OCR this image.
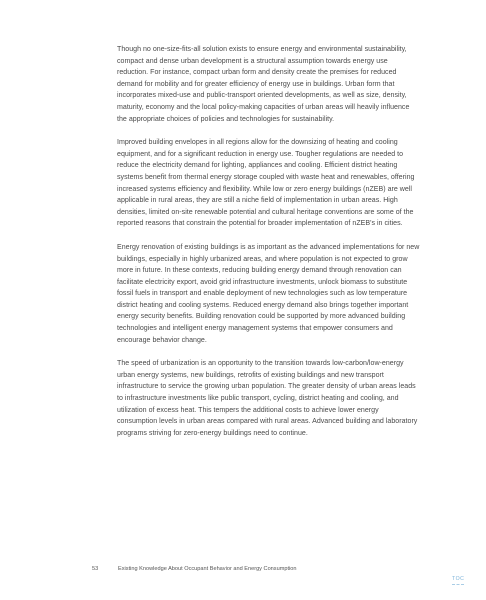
Though no one-size-fits-all solution exists to ensure energy and environmental sustainability, compact and dense urban development is a structural assumption towards energy use reduction. For instance, compact urban form and density create the premises for reduced demand for mobility and for greater efficiency of energy use in buildings. Urban form that incorporates mixed-use and public-transport oriented developments, as well as size, density, maturity, economy and the local policy-making capacities of urban areas will heavily influence the appropriate choices of policies and technologies for sustainability.

Improved building envelopes in all regions allow for the downsizing of heating and cooling equipment, and for a significant reduction in energy use. Tougher regulations are needed to reduce the electricity demand for lighting, appliances and cooling. Efficient district heating systems benefit from thermal energy storage coupled with waste heat and renewables, offering increased systems efficiency and flexibility. While low or zero energy buildings (nZEB) are well applicable in rural areas, they are still a niche field of implementation in urban areas. High densities, limited on-site renewable potential and cultural heritage conventions are some of the reported reasons that constrain the potential for broader implementation of nZEB's in cities.

Energy renovation of existing buildings is as important as the advanced implementations for new buildings, especially in highly urbanized areas, and where population is not expected to grow more in future. In these contexts, reducing building energy demand through renovation can facilitate electricity export, avoid grid infrastructure investments, unlock biomass to substitute fossil fuels in transport and enable deployment of new technologies such as low temperature district heating and cooling systems. Reduced energy demand also brings together important energy security benefits. Building renovation could be supported by more advanced building technologies and intelligent energy management systems that empower consumers and encourage behavior change.

The speed of urbanization is an opportunity to the transition towards low-carbon/low-energy urban energy systems, new buildings, retrofits of existing buildings and new transport infrastructure to service the growing urban population. The greater density of urban areas leads to infrastructure investments like public transport, cycling, district heating and cooling, and utilization of excess heat. This tempers the additional costs to achieve lower energy consumption levels in urban areas compared with rural areas. Advanced building and laboratory programs striving for zero-energy buildings need to continue.

53	Existing Knowledge About Occupant Behavior and Energy Consumption
TOC
